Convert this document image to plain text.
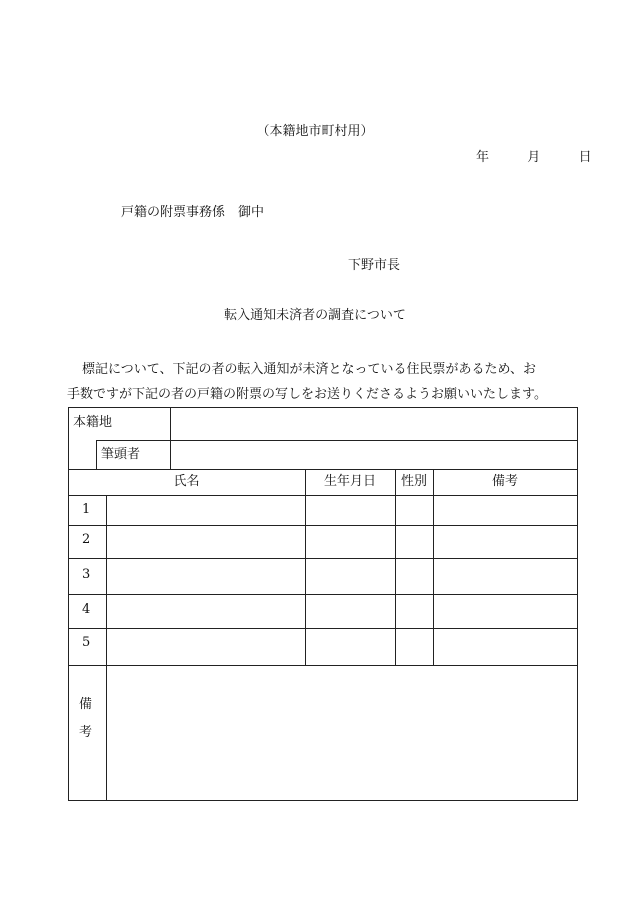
（本籍地市町村用）
年	月	日
戸籍の附票事務係　御中
下野市長
転入通知未済者の調査について
標記について、下記の者の転入通知が未済となっている住民票があるため、お
手数ですが下記の者の戸籍の附票の写しをお送りくださるようお願いいたします。
本籍地
筆頭者
氏名	生年月日	性別	備考
1
2
3
4
5
備
考
